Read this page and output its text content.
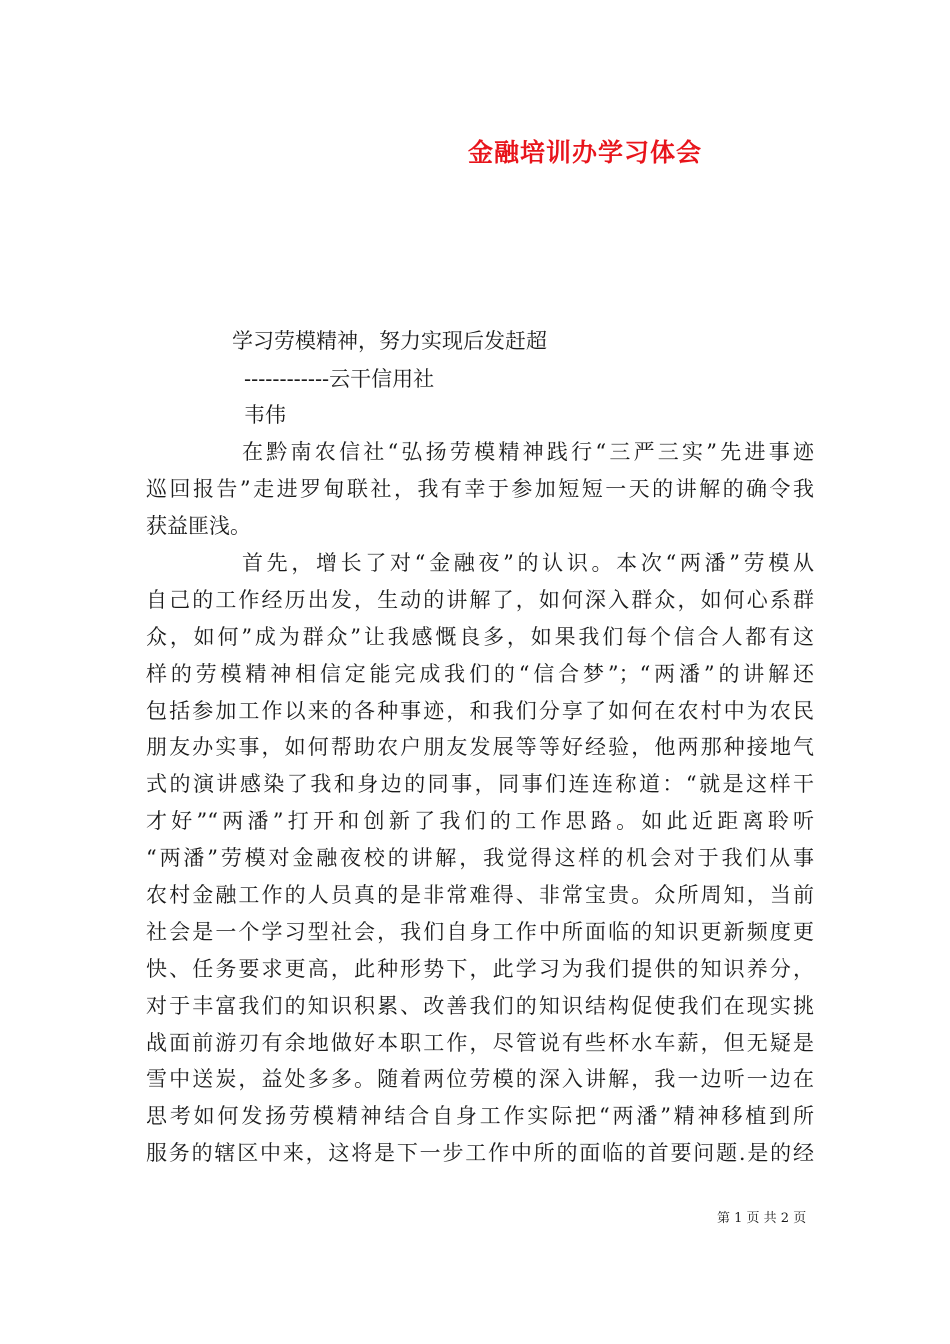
金融培训办学习体会
学习劳模精神，努力实现后发赶超
------------云干信用社
韦伟
在黔南农信社“弘扬劳模精神践行“三严三实”先进事迹
巡回报告”走进罗甸联社，我有幸于参加短短一天的讲解的确令我
获益匪浅。
首先，增长了对“金融夜”的认识。本次“两潘”劳模从
自己的工作经历出发，生动的讲解了，如何深入群众，如何心系群
众，如何”成为群众”让我感慨良多，如果我们每个信合人都有这
样的劳模精神相信定能完成我们的“信合梦”；“两潘”的讲解还
包括参加工作以来的各种事迹，和我们分享了如何在农村中为农民
朋友办实事，如何帮助农户朋友发展等等好经验，他两那种接地气
式的演讲感染了我和身边的同事，同事们连连称道：“就是这样干
才好”“两潘”打开和创新了我们的工作思路。如此近距离聆听
“两潘”劳模对金融夜校的讲解，我觉得这样的机会对于我们从事
农村金融工作的人员真的是非常难得、非常宝贵。众所周知，当前
社会是一个学习型社会，我们自身工作中所面临的知识更新频度更
快、任务要求更高，此种形势下，此学习为我们提供的知识养分，
对于丰富我们的知识积累、改善我们的知识结构促使我们在现实挑
战面前游刃有余地做好本职工作，尽管说有些杯水车薪，但无疑是
雪中送炭，益处多多。随着两位劳模的深入讲解，我一边听一边在
思考如何发扬劳模精神结合自身工作实际把“两潘”精神移植到所
服务的辖区中来，这将是下一步工作中所的面临的首要问题.是的经
第 1 页 共 2 页
